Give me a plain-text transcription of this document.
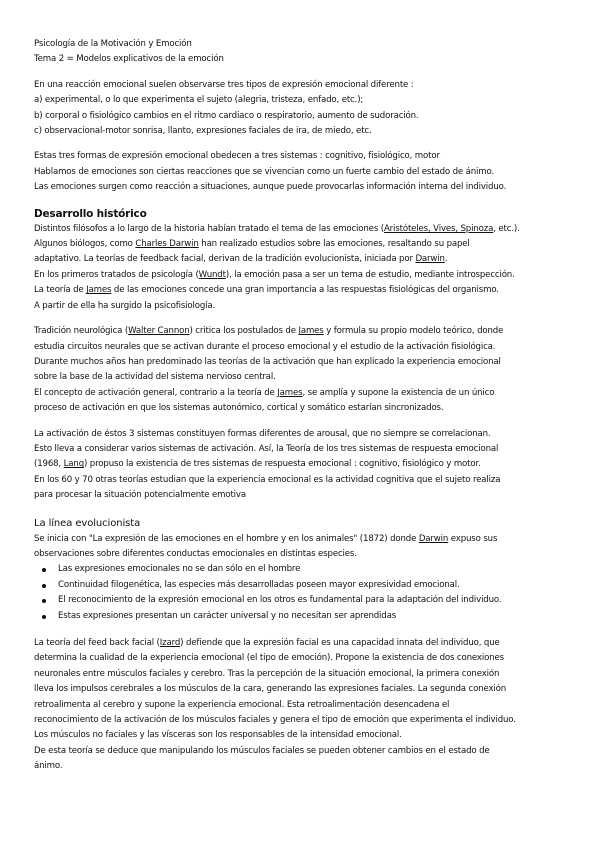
Psicología de la Motivación y Emoción

Tema 2 = Modelos explicativos de la emoción

En una reacción emocional suelen observarse tres tipos de expresión emocional diferente :

a) experimental, o lo que experimenta el sujeto (alegria, tristeza, enfado, etc.);

b) corporal o fisiológico cambios en el ritmo cardiaco o respiratorio, aumento de sudoración.

c) observacional-motor sonrisa, llanto, expresiones faciales de ira, de miedo, etc.

Estas tres formas de expresión emocional obedecen a tres sistemas : cognitivo, fisiológico, motor

Hablamos de emociones son ciertas reacciones que se vivencian como un fuerte cambio del estado de ánimo.

Las emociones surgen como reacción a situaciones, aunque puede provocarlas información interna del individuo.

Desarrollo histórico

Distintos filósofos a lo largo de la historia habían tratado el tema de las emociones (Aristóteles, Vives, Spinoza, etc.).

Algunos biólogos, como Charles Darwin han realizado estudios sobre las emociones, resaltando su papel

adaptativo. La teorías de feedback facial, derivan de la tradición evolucionista, iniciada por Darwin.

En los primeros tratados de psicología (Wundt), la emoción pasa a ser un tema de estudio, mediante introspección.

La teoría de James de las emociones concede una gran importancia a las respuestas fisiológicas del organismo.

A partir de ella ha surgido la psicofisiología.

Tradición neurológica (Walter Cannon) critica los postulados de James y formula su propio modelo teórico, donde

estudia circuitos neurales que se activan durante el proceso emocional y el estudio de la activación fisiológica.

Durante muchos años han predominado las teorías de la activación que han explicado la experiencia emocional

sobre la base de la actividad del sistema nervioso central.

El concepto de activación general, contrario a la teoría de James, se amplía y supone la existencia de un único

proceso de activación en que los sistemas autonómico, cortical y somático estarían sincronizados.

La activación de éstos 3 sistemas constituyen formas diferentes de arousal, que no siempre se correlacionan.

Esto lleva a considerar varios sistemas de activación. Así, la Teoría de los tres sistemas de respuesta emocional

(1968, Lang) propuso la existencia de tres sistemas de respuesta emocional : cognitivo, fisiológico y motor.

En los 60 y 70 otras teorías estudian que la experiencia emocional es la actividad cognitiva que el sujeto realiza

para procesar la situación potencialmente emotiva

La línea evolucionista

Se inicia con "La expresión de las emociones en el hombre y en los animales" (1872) donde Darwin expuso sus

observaciones sobre diferentes conductas emocionales en distintas especies.

Las expresiones emocionales no se dan sólo en el hombre
Continuidad filogenética, las especies más desarrolladas poseen mayor expresividad emocional.
El reconocimiento de la expresión emocional en los otros es fundamental para la adaptación del individuo.
Estas expresiones presentan un carácter universal y no necesitan ser aprendidas

La teoría del feed back facial (Izard) defiende que la expresión facial es una capacidad innata del individuo, que

determina la cualidad de la experiencia emocional (el tipo de emoción). Propone la existencia de dos conexiones

neuronales entre músculos faciales y cerebro. Tras la percepción de la situación emocional, la primera conexión

lleva los impulsos cerebrales a los músculos de la cara, generando las expresiones faciales. La segunda conexión

retroalimenta al cerebro y supone la experiencia emocional. Esta retroalimentación desencadena el

reconocimiento de la activación de los músculos faciales y genera el tipo de emoción que experimenta el individuo.

Los músculos no faciales y las vísceras son los responsables de la intensidad emocional.

De esta teoría se deduce que manipulando los músculos faciales se pueden obtener cambios en el estado de

ánimo.
